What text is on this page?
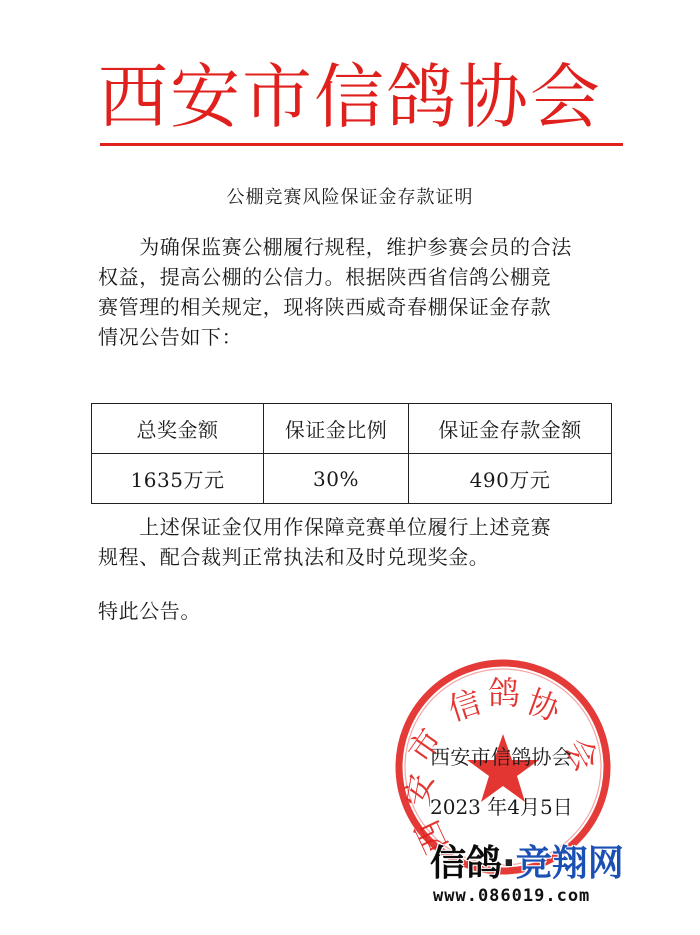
西安市信鸽协会
公棚竞赛风险保证金存款证明

　　为确保监赛公棚履行规程，维护参赛会员的合法
权益，提高公棚的公信力。根据陕西省信鸽公棚竞
赛管理的相关规定，现将陕西威奇春棚保证金存款
情况公告如下：

总奖金额	保证金比例	保证金存款金额
1635万元	30%	490万元

　　上述保证金仅用作保障竞赛单位履行上述竞赛
规程、配合裁判正常执法和及时兑现奖金。

特此公告。

信 鸽 协
市	会
安
西
西安市信鸽协会
2023 年4月5日
信鸽·竞翔网
www.086019.com
